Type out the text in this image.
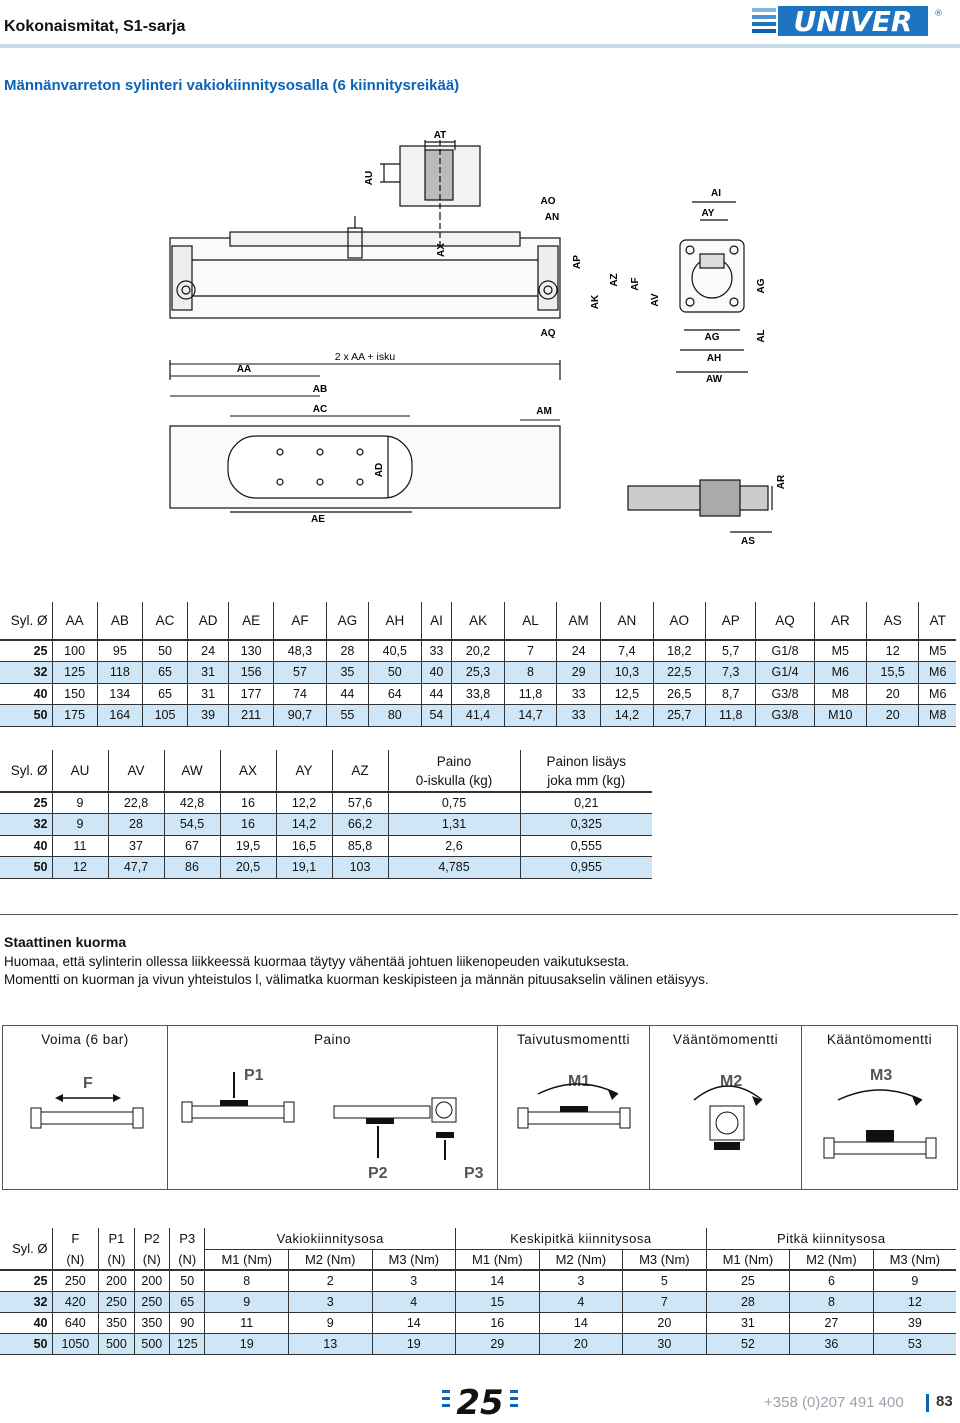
Kokonaismitat, S1-sarja	UNIVER ®
Männänvarreton sylinteri vakiokiinnitysosalla (6 kiinnitysreikää)
AT
AU
AX
AO
AN
AP
AK
AZ AF
AV
AQ
AI
AY
AG
AG	AL
AH
AW
2 x AA + isku
AA
AB
AC	AM
AD
AE
AR
AS
Syl. Ø	AA	AB	AC	AD	AE	AF	AG	AH	AI	AK	AL	AM	AN	AO	AP	AQ	AR	AS	AT
25	100	95	50	24	130	48,3	28	40,5	33	20,2	7	24	7,4	18,2	5,7	G1/8	M5	12	M5
32	125	118	65	31	156	57	35	50	40	25,3	8	29	10,3	22,5	7,3	G1/4	M6	15,5	M6
40	150	134	65	31	177	74	44	64	44	33,8	11,8	33	12,5	26,5	8,7	G3/8	M8	20	M6
50	175	164	105	39	211	90,7	55	80	54	41,4	14,7	33	14,2	25,7	11,8	G3/8	M10	20	M8
Syl. Ø	AU	AV	AW	AX	AY	AZ	Paino
0-iskulla (kg)	Painon lisäys
joka mm (kg)
25	9	22,8	42,8	16	12,2	57,6	0,75	0,21
32	9	28	54,5	16	14,2	66,2	1,31	0,325
40	11	37	67	19,5	16,5	85,8	2,6	0,555
50	12	47,7	86	20,5	19,1	103	4,785	0,955
Staattinen kuorma
Huomaa, että sylinterin ollessa liikkeessä kuormaa täytyy vähentää johtuen liikenopeuden vaikutuksesta.
Momentti on kuorman ja vivun yhteistulos l, välimatka kuorman keskipisteen ja männän pituusakselin välinen etäisyys.
Voima (6 bar)
F
Paino
P1
P2	P3
Taivutusmomentti
M1
Vääntömomentti
M2
Kääntömomentti
M3
Syl. Ø	F	P1	P2	P3	Vakiokiinnitysosa			Keskipitkä kiinnitysosa			Pitkä kiinnitysosa		
	(N)	(N)	(N)	(N)	M1 (Nm)	M2 (Nm)	M3 (Nm)	M1 (Nm)	M2 (Nm)	M3 (Nm)	M1 (Nm)	M2 (Nm)	M3 (Nm)
25	250	200	200	50	8	2	3	14	3	5	25	6	9
32	420	250	250	65	9	3	4	15	4	7	28	8	12
40	640	350	350	90	11	9	14	16	14	20	31	27	39
50	1050	500	500	125	19	13	19	29	20	30	52	36	53
25	+358 (0)207 491 400 83
